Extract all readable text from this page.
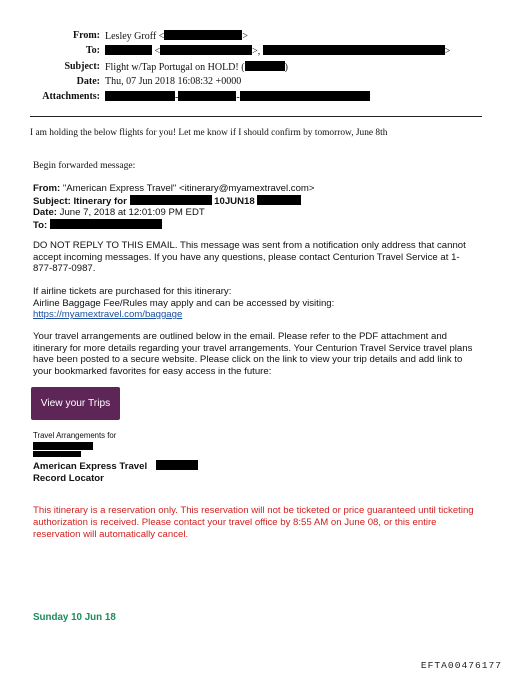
From: Lesley Groff <	>
To:	<	>,	>
Subject: Flight w/Tap Portugal on HOLD! (	)
Date: Thu, 07 Jun 2018 16:08:32 +0000
Attachments:	-	-
I am holding the below flights for you! Let me know if I should confirm by tomorrow, June 8th
Begin forwarded message:
From: "American Express Travel" <itinerary@myamextravel.com>
Subject: Itinerary for	10JUN18
Date: June 7, 2018 at 12:01:09 PM EDT
To:
DO NOT REPLY TO THIS EMAIL. This message was sent from a notification only address that cannot accept incoming messages. If you have any questions, please contact Centurion Travel Service at 1-877-877-0987.
If airline tickets are purchased for this itinerary:
Airline Baggage Fee/Rules may apply and can be accessed by visiting:
https://myamextravel.com/baggage
Your travel arrangements are outlined below in the email. Please refer to the PDF attachment and itinerary for more details regarding your travel arrangements. Your Centurion Travel Service travel plans have been posted to a secure website. Please click on the link to view your trip details and add link to your bookmarked favorites for easy access in the future:
View your Trips
Travel Arrangements for
American Express Travel
Record Locator
This itinerary is a reservation only. This reservation will not be ticketed or price guaranteed until ticketing authorization is received. Please contact your travel office by 8:55 AM on June 08, or this entire reservation will automatically cancel.
Sunday 10 Jun 18
EFTA00476177
